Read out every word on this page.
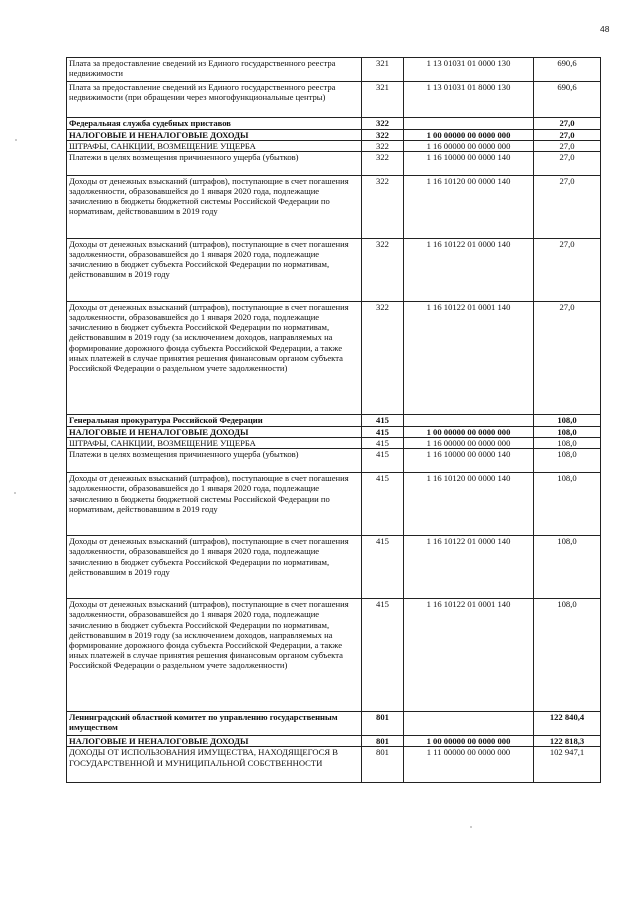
48
Плата за предоставление сведений из Единого государственного реестра недвижимости	321	1 13 01031 01 0000 130	690,6
Плата за предоставление сведений из Единого государственного реестра недвижимости (при обращении через многофункциональные центры)	321	1 13 01031 01 8000 130	690,6
Федеральная служба судебных приставов	322		27,0
НАЛОГОВЫЕ И НЕНАЛОГОВЫЕ ДОХОДЫ	322	1 00 00000 00 0000 000	27,0
ШТРАФЫ, САНКЦИИ, ВОЗМЕЩЕНИЕ УЩЕРБА	322	1 16 00000 00 0000 000	27,0
Платежи в целях возмещения причиненного ущерба (убытков)	322	1 16 10000 00 0000 140	27,0
Доходы от денежных взысканий (штрафов), поступающие в счет погашения задолженности, образовавшейся до 1 января 2020 года, подлежащие зачислению в бюджеты бюджетной системы Российской Федерации по нормативам, действовавшим в 2019 году	322	1 16 10120 00 0000 140	27,0
Доходы от денежных взысканий (штрафов), поступающие в счет погашения задолженности, образовавшейся до 1 января 2020 года, подлежащие зачислению в бюджет субъекта Российской Федерации по нормативам, действовавшим в 2019 году	322	1 16 10122 01 0000 140	27,0
Доходы от денежных взысканий (штрафов), поступающие в счет погашения задолженности, образовавшейся до 1 января 2020 года, подлежащие зачислению в бюджет субъекта Российской Федерации по нормативам, действовавшим в 2019 году (за исключением доходов, направляемых на формирование дорожного фонда субъекта Российской Федерации, а также иных платежей в случае принятия решения финансовым органом субъекта Российской Федерации о раздельном учете задолженности)	322	1 16 10122 01 0001 140	27,0
Генеральная прокуратура Российской Федерации	415		108,0
НАЛОГОВЫЕ И НЕНАЛОГОВЫЕ ДОХОДЫ	415	1 00 00000 00 0000 000	108,0
ШТРАФЫ, САНКЦИИ, ВОЗМЕЩЕНИЕ УЩЕРБА	415	1 16 00000 00 0000 000	108,0
Платежи в целях возмещения причиненного ущерба (убытков)	415	1 16 10000 00 0000 140	108,0
Доходы от денежных взысканий (штрафов), поступающие в счет погашения задолженности, образовавшейся до 1 января 2020 года, подлежащие зачислению в бюджеты бюджетной системы Российской Федерации по нормативам, действовавшим в 2019 году	415	1 16 10120 00 0000 140	108,0
Доходы от денежных взысканий (штрафов), поступающие в счет погашения задолженности, образовавшейся до 1 января 2020 года, подлежащие зачислению в бюджет субъекта Российской Федерации по нормативам, действовавшим в 2019 году	415	1 16 10122 01 0000 140	108,0
Доходы от денежных взысканий (штрафов), поступающие в счет погашения задолженности, образовавшейся до 1 января 2020 года, подлежащие зачислению в бюджет субъекта Российской Федерации по нормативам, действовавшим в 2019 году (за исключением доходов, направляемых на формирование дорожного фонда субъекта Российской Федерации, а также иных платежей в случае принятия решения финансовым органом субъекта Российской Федерации о раздельном учете задолженности)	415	1 16 10122 01 0001 140	108,0
Ленинградский областной комитет по управлению государственным имуществом	801		122 840,4
НАЛОГОВЫЕ И НЕНАЛОГОВЫЕ ДОХОДЫ	801	1 00 00000 00 0000 000	122 818,3
ДОХОДЫ ОТ ИСПОЛЬЗОВАНИЯ ИМУЩЕСТВА, НАХОДЯЩЕГОСЯ В ГОСУДАРСТВЕННОЙ И МУНИЦИПАЛЬНОЙ СОБСТВЕННОСТИ	801	1 11 00000 00 0000 000	102 947,1
